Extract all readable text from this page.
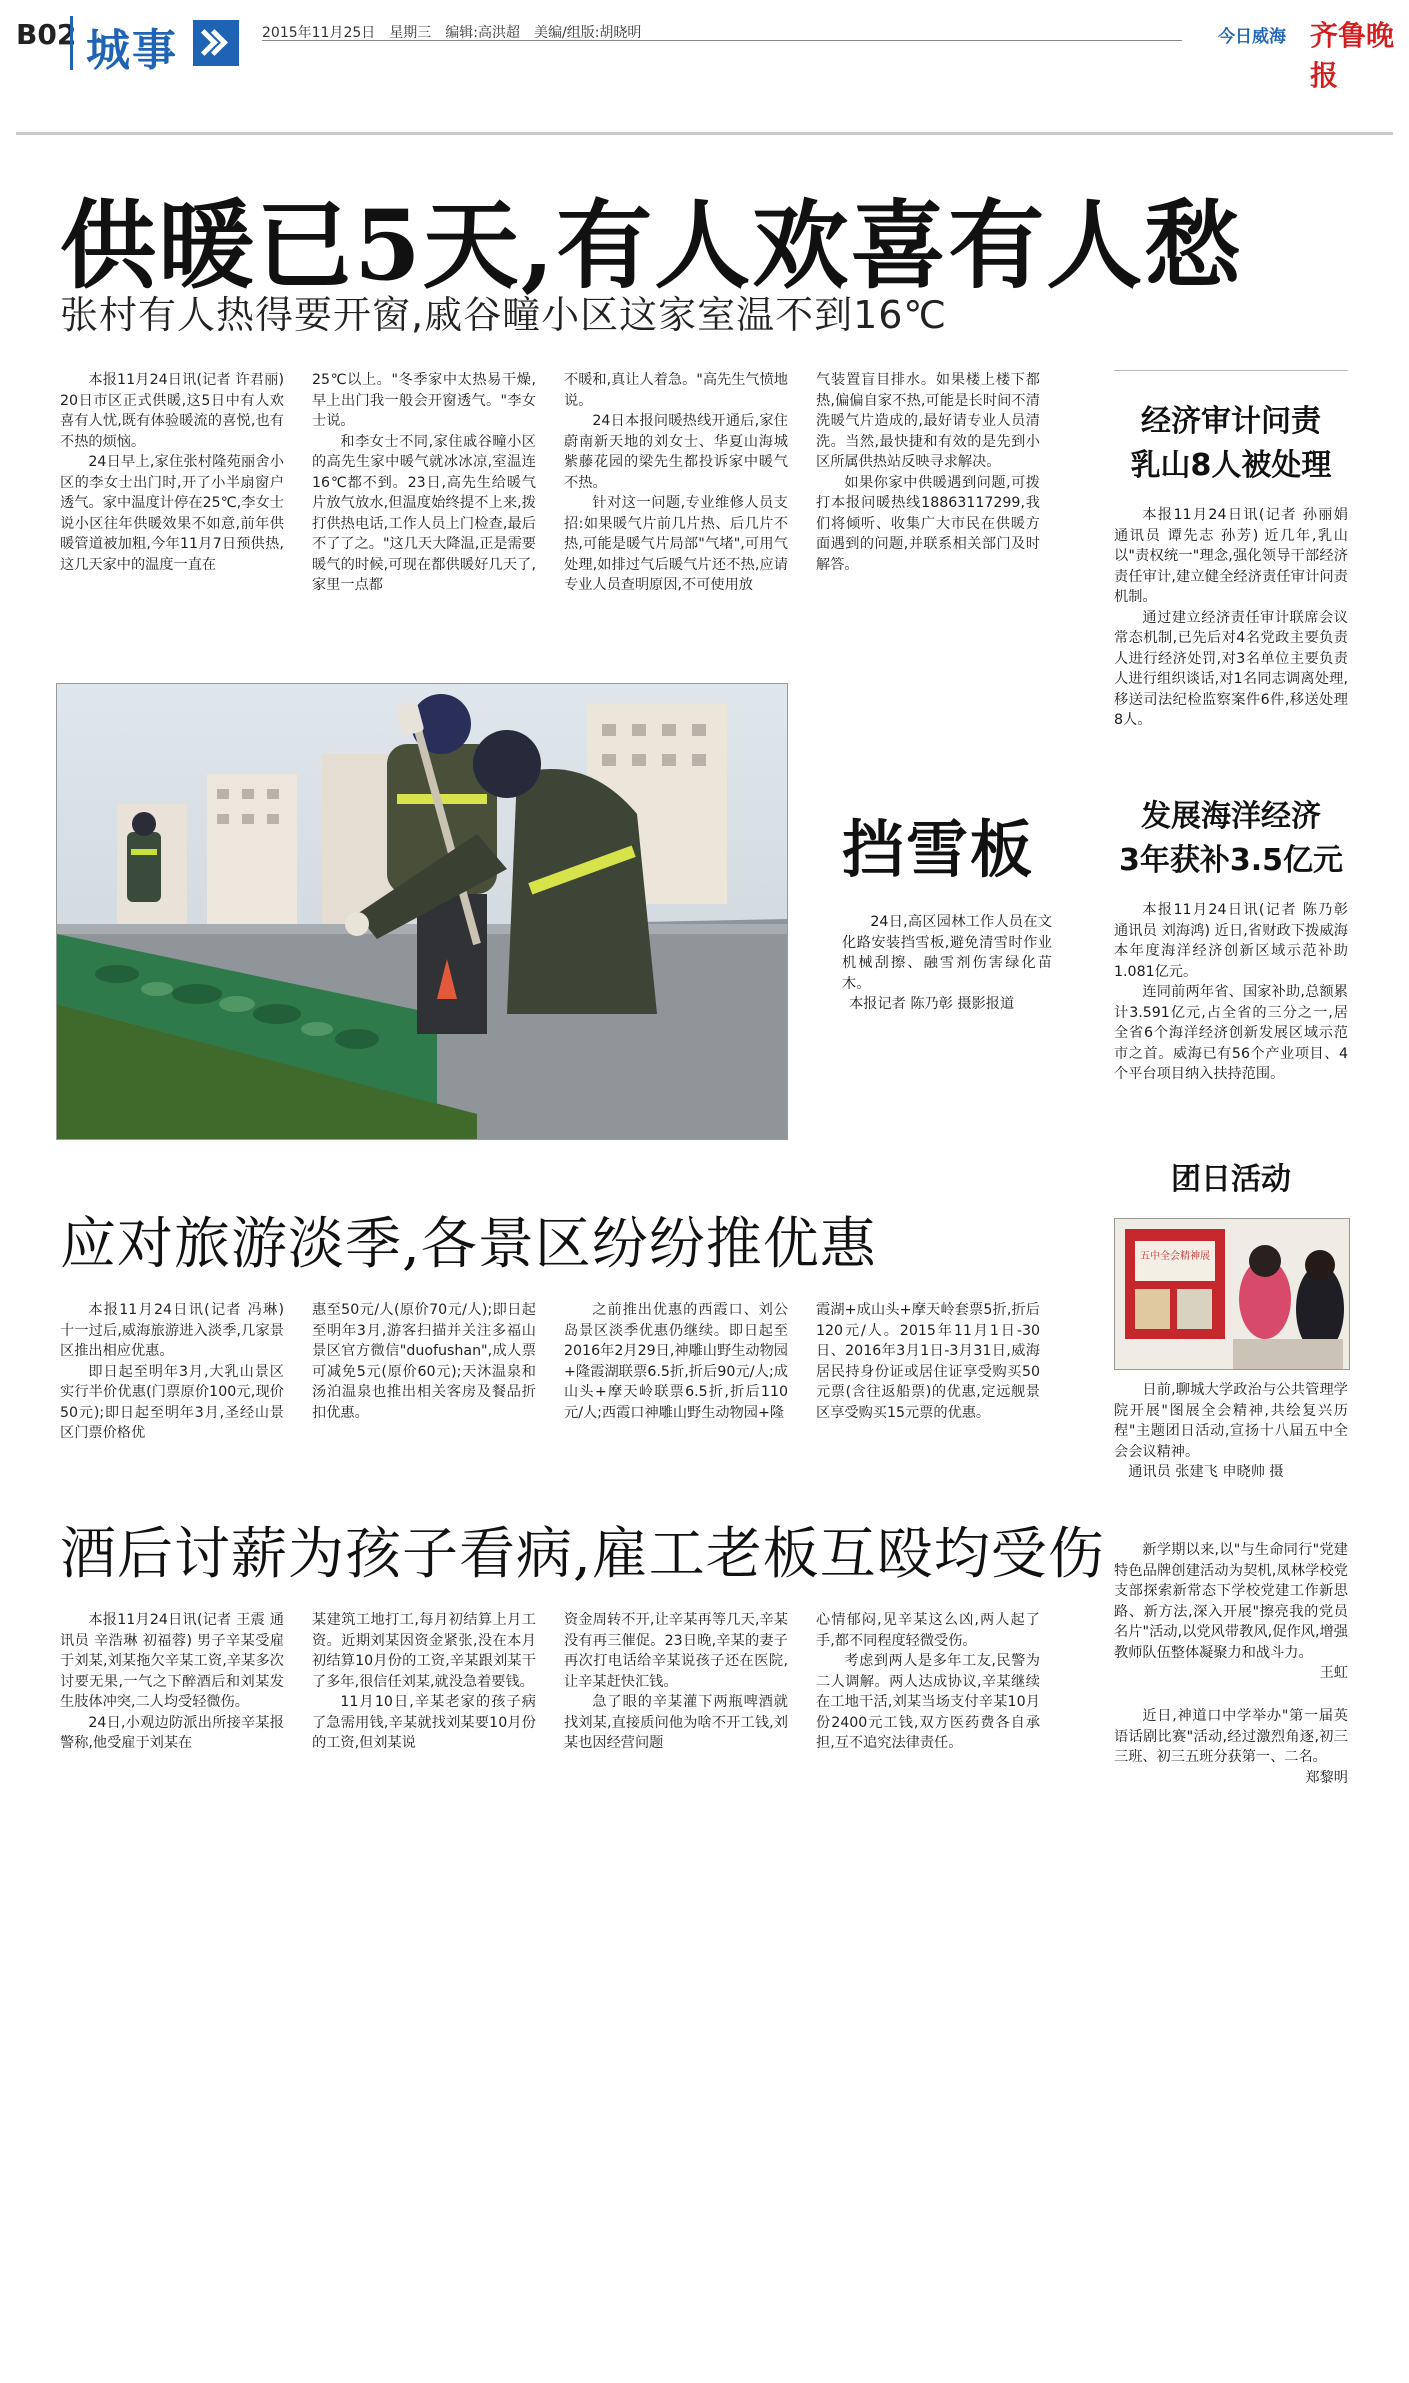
B02 城事	2015年11月25日　星期三　编辑:高洪超　美编/组版:胡晓明	今日威海 齐鲁晚报
供暖已5天,有人欢喜有人愁
张村有人热得要开窗,戚谷疃小区这家室温不到16℃

本报11月24日讯(记者 许君丽) 20日市区正式供暖,这5日中有人欢喜有人忧,既有体验暖流的喜悦,也有不热的烦恼。

24日早上,家住张村隆苑丽舍小区的李女士出门时,开了小半扇窗户透气。家中温度计停在25℃,李女士说小区往年供暖效果不如意,前年供暖管道被加粗,今年11月7日预供热,这几天家中的温度一直在

25℃以上。"冬季家中太热易干燥,早上出门我一般会开窗透气。"李女士说。

和李女士不同,家住戚谷疃小区的高先生家中暖气就冰冰凉,室温连16℃都不到。23日,高先生给暖气片放气放水,但温度始终提不上来,拨打供热电话,工作人员上门检查,最后不了了之。"这几天大降温,正是需要暖气的时候,可现在都供暖好几天了,家里一点都

不暖和,真让人着急。"高先生气愤地说。

24日本报问暖热线开通后,家住蔚南新天地的刘女士、华夏山海城紫藤花园的梁先生都投诉家中暖气不热。

针对这一问题,专业维修人员支招:如果暖气片前几片热、后几片不热,可能是暖气片局部"气堵",可用气处理,如排过气后暖气片还不热,应请专业人员查明原因,不可使用放

气装置盲目排水。如果楼上楼下都热,偏偏自家不热,可能是长时间不清洗暖气片造成的,最好请专业人员清洗。当然,最快捷和有效的是先到小区所属供热站反映寻求解决。

如果你家中供暖遇到问题,可拨打本报问暖热线18863117299,我们将倾听、收集广大市民在供暖方面遇到的问题,并联系相关部门及时解答。

挡雪板
24日,高区园林工作人员在文化路安装挡雪板,避免清雪时作业机械刮擦、融雪剂伤害绿化苗木。
本报记者 陈乃彰 摄影报道
应对旅游淡季,各景区纷纷推优惠

本报11月24日讯(记者 冯琳) 十一过后,威海旅游进入淡季,几家景区推出相应优惠。

即日起至明年3月,大乳山景区实行半价优惠(门票原价100元,现价50元);即日起至明年3月,圣经山景区门票价格优

惠至50元/人(原价70元/人);即日起至明年3月,游客扫描并关注多福山景区官方微信"duofushan",成人票可减免5元(原价60元);天沐温泉和汤泊温泉也推出相关客房及餐品折扣优惠。

之前推出优惠的西霞口、刘公岛景区淡季优惠仍继续。即日起至2016年2月29日,神雕山野生动物园+隆霞湖联票6.5折,折后90元/人;成山头+摩天岭联票6.5折,折后110元/人;西霞口神雕山野生动物园+隆

霞湖+成山头+摩天岭套票5折,折后120元/人。2015年11月1日-30日、2016年3月1日-3月31日,威海居民持身份证或居住证享受购买50元票(含往返船票)的优惠,定远舰景区享受购买15元票的优惠。

酒后讨薪为孩子看病,雇工老板互殴均受伤

本报11月24日讯(记者 王震 通讯员 辛浩琳 初福蓉) 男子辛某受雇于刘某,刘某拖欠辛某工资,辛某多次讨要无果,一气之下醉酒后和刘某发生肢体冲突,二人均受轻微伤。

24日,小观边防派出所接辛某报警称,他受雇于刘某在

某建筑工地打工,每月初结算上月工资。近期刘某因资金紧张,没在本月初结算10月份的工资,辛某跟刘某干了多年,很信任刘某,就没急着要钱。

11月10日,辛某老家的孩子病了急需用钱,辛某就找刘某要10月份的工资,但刘某说

资金周转不开,让辛某再等几天,辛某没有再三催促。23日晚,辛某的妻子再次打电话给辛某说孩子还在医院,让辛某赶快汇钱。

急了眼的辛某灌下两瓶啤酒就找刘某,直接质问他为啥不开工钱,刘某也因经营问题

心情郁闷,见辛某这么凶,两人起了手,都不同程度轻微受伤。

考虑到两人是多年工友,民警为二人调解。两人达成协议,辛某继续在工地干活,刘某当场支付辛某10月份2400元工钱,双方医药费各自承担,互不追究法律责任。

经济审计问责
乳山8人被处理

本报11月24日讯(记者 孙丽娟 通讯员 谭先志 孙芳) 近几年,乳山以"责权统一"理念,强化领导干部经济责任审计,建立健全经济责任审计问责机制。

通过建立经济责任审计联席会议常态机制,已先后对4名党政主要负责人进行经济处罚,对3名单位主要负责人进行组织谈话,对1名同志调离处理,移送司法纪检监察案件6件,移送处理8人。

发展海洋经济
3年获补3.5亿元

本报11月24日讯(记者 陈乃彰 通讯员 刘海鸿) 近日,省财政下拨威海本年度海洋经济创新区域示范补助1.081亿元。

连同前两年省、国家补助,总额累计3.591亿元,占全省的三分之一,居全省6个海洋经济创新发展区域示范市之首。威海已有56个产业项目、4个平台项目纳入扶持范围。

团日活动
五中全会精神展

日前,聊城大学政治与公共管理学院开展"图展全会精神,共绘复兴历程"主题团日活动,宣扬十八届五中全会会议精神。

通讯员 张建飞 申晓帅 摄

新学期以来,以"与生命同行"党建特色品牌创建活动为契机,凤林学校党支部探索新常态下学校党建工作新思路、新方法,深入开展"擦亮我的党员名片"活动,以党风带教风,促作风,增强教师队伍整体凝聚力和战斗力。

王虹

近日,神道口中学举办"第一届英语话剧比赛"活动,经过激烈角逐,初三三班、初三五班分获第一、二名。

郑黎明
